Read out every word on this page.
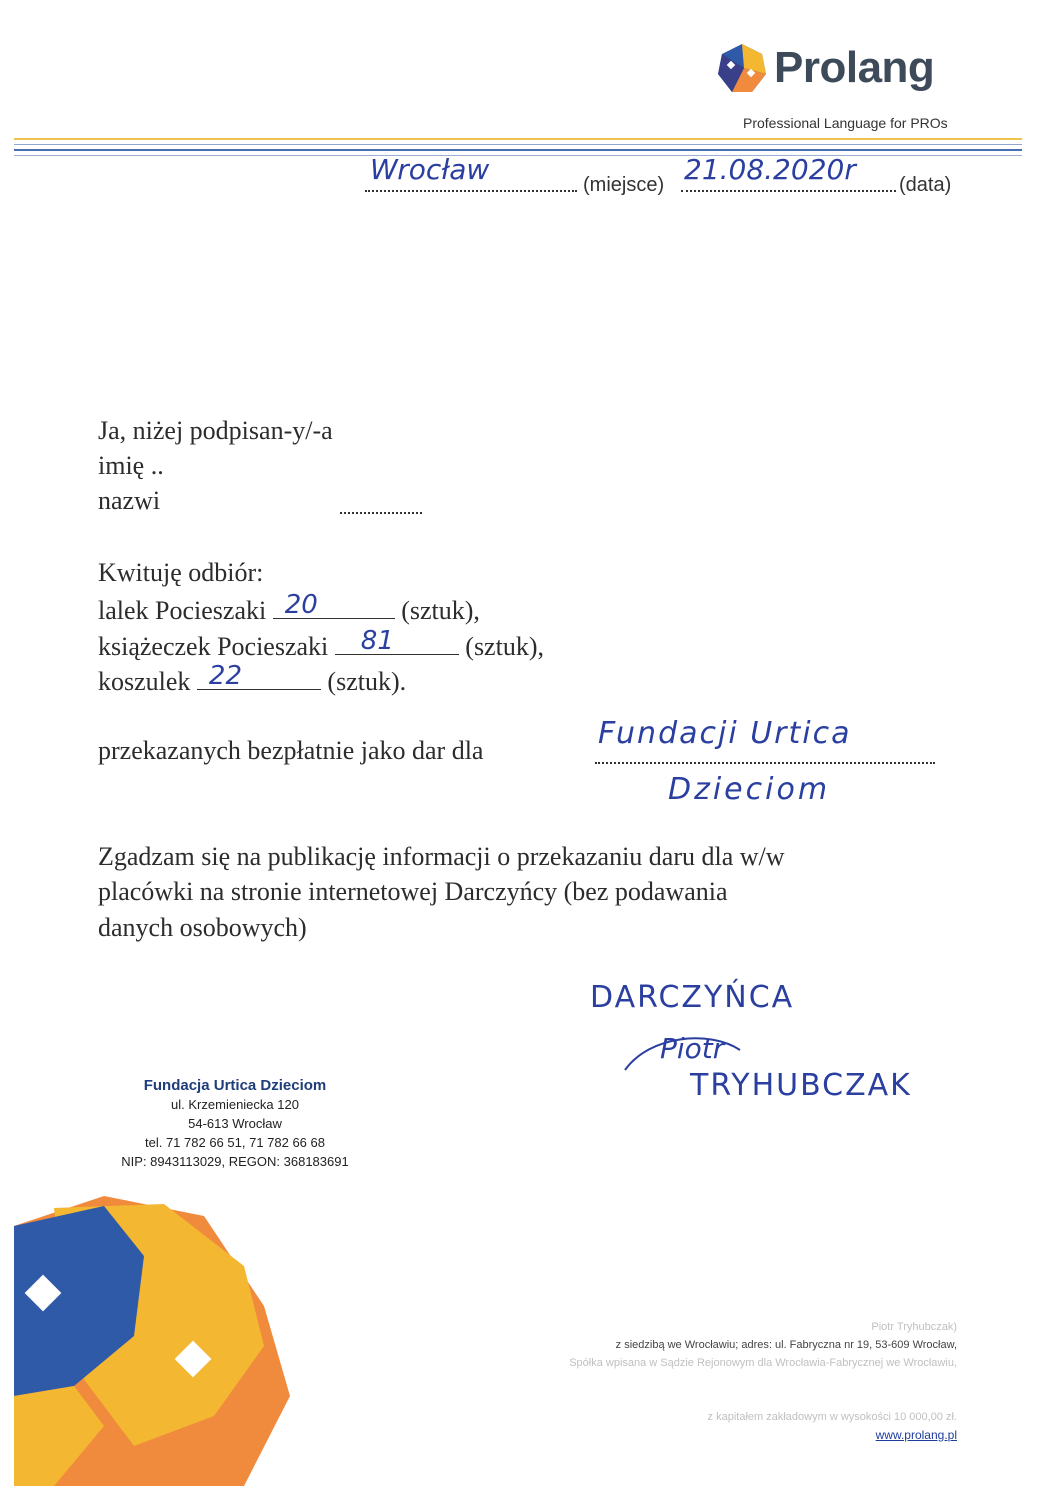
Prolang
Professional Language for PROs
Wrocław	(miejsce) 21.08.2020r (data)
Ja, niżej podpisan-y/-a
imię ..
nazwi
Kwituję odbiór:
lalek Pocieszaki 20	(sztuk),
książeczek Pocieszaki 81	(sztuk),
koszulek 22	(sztuk).
przekazanych bezpłatnie jako dar dla	Fundacji Urtica
Dzieciom
Zgadzam się na publikację informacji o przekazaniu daru dla w/w
placówki na stronie internetowej Darczyńcy (bez podawania
danych osobowych)
DARCZYŃCA
Piotr
TRYHUBCZAK
Fundacja Urtica Dzieciom
ul. Krzemieniecka 120
54-613 Wrocław
tel. 71 782 66 51, 71 782 66 68
NIP: 8943113029, REGON: 368183691
Piotr Tryhubczak)
z siedzibą we Wrocławiu; adres: ul. Fabryczna nr 19, 53-609 Wrocław,
Spółka wpisana w Sądzie Rejonowym dla Wrocławia-Fabrycznej we Wrocławiu,
z kapitałem zakładowym w wysokości 10 000,00 zł.
www.prolang.pl
